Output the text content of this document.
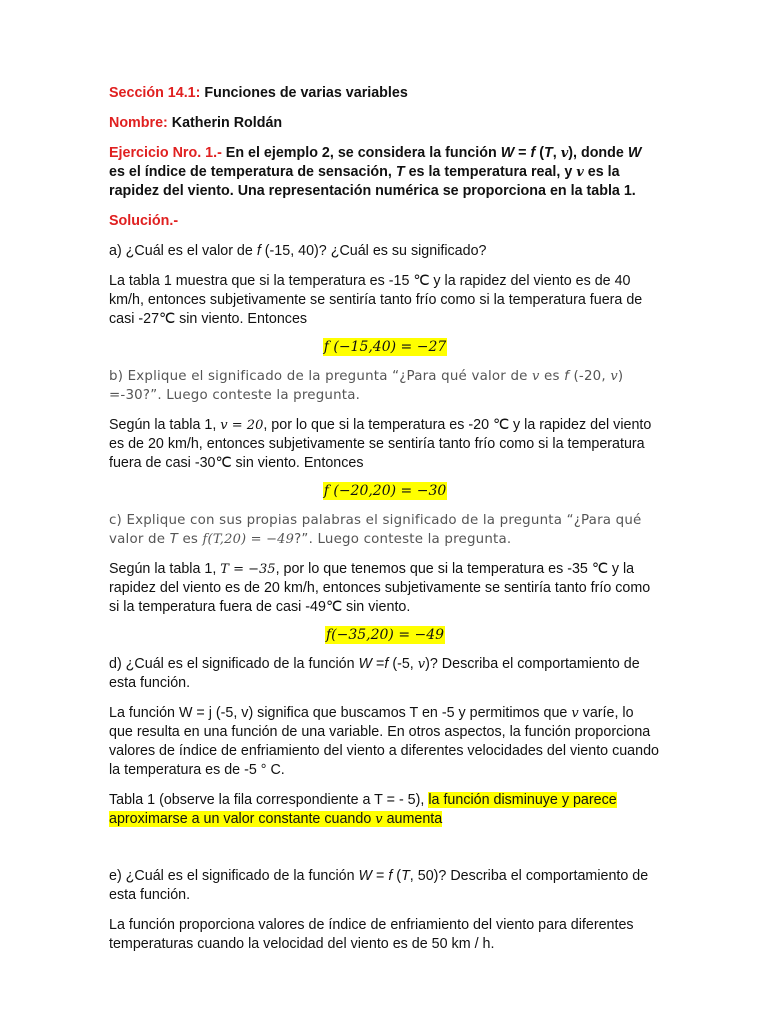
Sección 14.1: Funciones de varias variables

Nombre: Katherin Roldán

Ejercicio Nro. 1.- En el ejemplo 2, se considera la función W = f (T, v), donde W es el índice de temperatura de sensación, T es la temperatura real, y v es la rapidez del viento. Una representación numérica se proporciona en la tabla 1.

Solución.-

a) ¿Cuál es el valor de f (-15, 40)? ¿Cuál es su significado?

La tabla 1 muestra que si la temperatura es -15 ℃ y la rapidez del viento es de 40 km/h, entonces subjetivamente se sentiría tanto frío como si la temperatura fuera de casi -27℃ sin viento. Entonces

f (−15,40) = −27

b) Explique el significado de la pregunta “¿Para qué valor de v es f (-20, v) =-30?”. Luego conteste la pregunta.

Según la tabla 1, v = 20, por lo que si la temperatura es -20 ℃ y la rapidez del viento es de 20 km/h, entonces subjetivamente se sentiría tanto frío como si la temperatura fuera de casi -30℃ sin viento. Entonces

f (−20,20) = −30

c) Explique con sus propias palabras el significado de la pregunta “¿Para qué valor de T es f(T,20) = −49?”. Luego conteste la pregunta.

Según la tabla 1, T = −35, por lo que tenemos que si la temperatura es -35 ℃ y la rapidez del viento es de 20 km/h, entonces subjetivamente se sentiría tanto frío como si la temperatura fuera de casi -49℃ sin viento.

f(−35,20) = −49

d) ¿Cuál es el significado de la función W =f (-5, v)? Describa el comportamiento de esta función.

La función W = j (-5, v) significa que buscamos T en -5 y permitimos que v varíe, lo que resulta en una función de una variable. En otros aspectos, la función proporciona valores de índice de enfriamiento del viento a diferentes velocidades del viento cuando la temperatura es de -5 ° C.

Tabla 1 (observe la fila correspondiente a T = - 5), la función disminuye y parece aproximarse a un valor constante cuando v aumenta

e) ¿Cuál es el significado de la función W = f (T, 50)? Describa el comportamiento de esta función.

La función proporciona valores de índice de enfriamiento del viento para diferentes temperaturas cuando la velocidad del viento es de 50 km / h.
